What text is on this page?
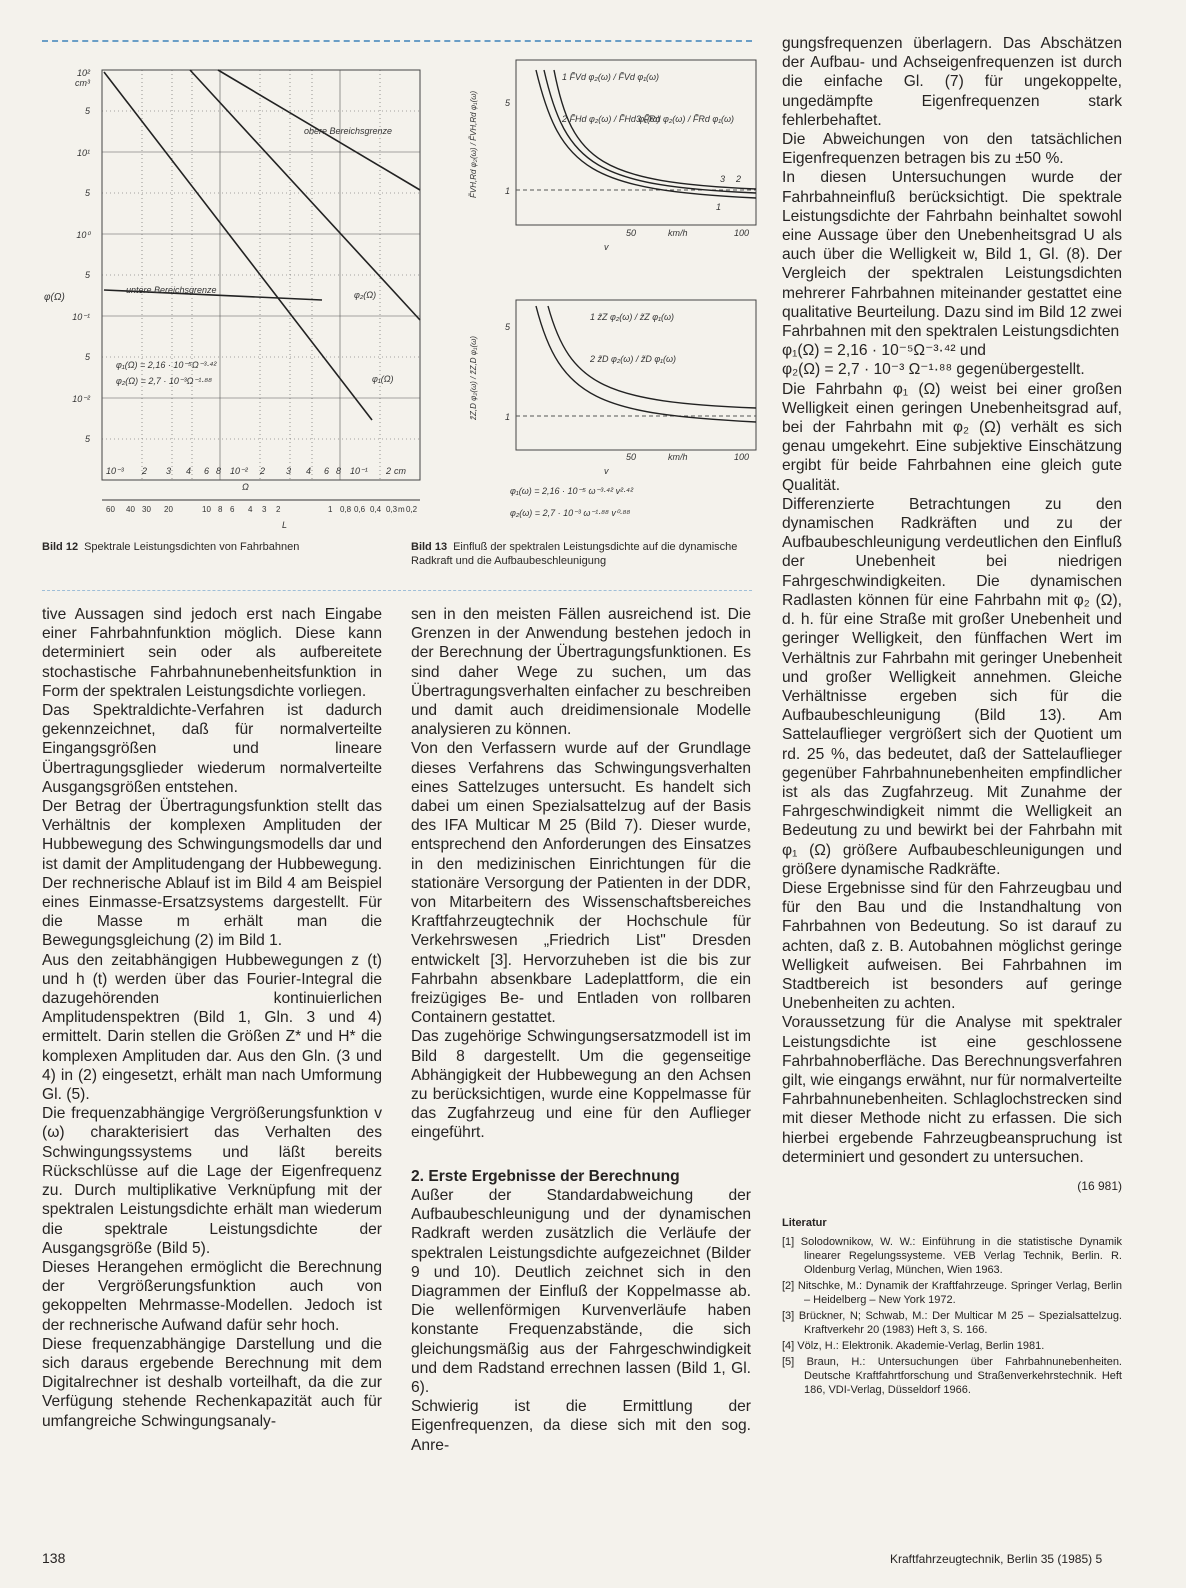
10²
cm³
5
10¹
5
10⁰
5
10⁻¹
5
10⁻²
5
φ(Ω)
obere Bereichsgrenze
untere Bereichsgrenze	φ₂(Ω)
φ₁(Ω)
φ₁(Ω) = 2,16 · 10⁻⁵Ω⁻³·⁴²
φ₂(Ω) = 2,7 · 10⁻³Ω⁻¹·⁸⁸
10⁻³ 2 3 4 6 8 10⁻² 2 3 4 6 8 10⁻¹ 2 cm
Ω
L
60 40 30 20	10 8 6 4 3 2	1 0,8 0,6 0,4 0,3 m 0,2
5
1
1 F̃Vd φ₂(ω) / F̃Vd φ₁(ω)
2 F̃Hd φ₂(ω) / F̃Hd φ₁(ω)
3 F̃Rd φ₂(ω) / F̃Rd φ₁(ω)
1
2
3
50	100
km/h
v
F̃VH,Rd φ₂(ω) / F̃VH,Rd φ₁(ω)
5
1
1 z̃Z φ₂(ω) / z̃Z φ₁(ω)
2 z̃D φ₂(ω) / z̃D φ₁(ω)
50	100
km/h
v
φ₁(ω) = 2,16 · 10⁻⁵ ω⁻³·⁴² v²·⁴²
φ₂(ω) = 2,7 · 10⁻³ ω⁻¹·⁸⁸ v⁰·⁸⁸
z̃Z,D φ₂(ω) / z̃Z,D φ₁(ω)
Bild 12 Spektrale Leistungsdichten von Fahrbahnen	Bild 13 Einfluß der spektralen Leistungsdichte auf die dynamische Radkraft und die Aufbaubeschleunigung

tive Aussagen sind jedoch erst nach Eingabe einer Fahrbahnfunktion möglich. Diese kann determiniert sein oder als aufbereitete stochastische Fahrbahnunebenheitsfunktion in Form der spektralen Leistungsdichte vorliegen.

Das Spektraldichte-Verfahren ist dadurch gekennzeichnet, daß für normalverteilte Eingangsgrößen und lineare Übertragungsglieder wiederum normalverteilte Ausgangsgrößen entstehen.

Der Betrag der Übertragungsfunktion stellt das Verhältnis der komplexen Amplituden der Hubbewegung des Schwingungsmodells dar und ist damit der Amplitudengang der Hubbewegung. Der rechnerische Ablauf ist im Bild 4 am Beispiel eines Einmasse-Ersatzsystems dargestellt. Für die Masse m erhält man die Bewegungsgleichung (2) im Bild 1.

Aus den zeitabhängigen Hubbewegungen z (t) und h (t) werden über das Fourier-Integral die dazugehörenden kontinuierlichen Amplitudenspektren (Bild 1, Gln. 3 und 4) ermittelt. Darin stellen die Größen Z* und H* die komplexen Amplituden dar. Aus den Gln. (3 und 4) in (2) eingesetzt, erhält man nach Umformung Gl. (5).

Die frequenzabhängige Vergrößerungsfunktion v (ω) charakterisiert das Verhalten des Schwingungssystems und läßt bereits Rückschlüsse auf die Lage der Eigenfrequenz zu. Durch multiplikative Verknüpfung mit der spektralen Leistungsdichte erhält man wiederum die spektrale Leistungsdichte der Ausgangsgröße (Bild 5).

Dieses Herangehen ermöglicht die Berechnung der Vergrößerungsfunktion auch von gekoppelten Mehrmasse-Modellen. Jedoch ist der rechnerische Aufwand dafür sehr hoch.

Diese frequenzabhängige Darstellung und die sich daraus ergebende Berechnung mit dem Digitalrechner ist deshalb vorteilhaft, da die zur Verfügung stehende Rechenkapazität auch für umfangreiche Schwingungsanaly-

sen in den meisten Fällen ausreichend ist. Die Grenzen in der Anwendung bestehen jedoch in der Berechnung der Übertragungsfunktionen. Es sind daher Wege zu suchen, um das Übertragungsverhalten einfacher zu beschreiben und damit auch dreidimensionale Modelle analysieren zu können.

Von den Verfassern wurde auf der Grundlage dieses Verfahrens das Schwingungsverhalten eines Sattelzuges untersucht. Es handelt sich dabei um einen Spezialsattelzug auf der Basis des IFA Multicar M 25 (Bild 7). Dieser wurde, entsprechend den Anforderungen des Einsatzes in den medizinischen Einrichtungen für die stationäre Versorgung der Patienten in der DDR, von Mitarbeitern des Wissenschaftsbereiches Kraftfahrzeugtechnik der Hochschule für Verkehrswesen „Friedrich List" Dresden entwickelt [3]. Hervorzuheben ist die bis zur Fahrbahn absenkbare Ladeplattform, die ein freizügiges Be- und Entladen von rollbaren Containern gestattet.

Das zugehörige Schwingungsersatzmodell ist im Bild 8 dargestellt. Um die gegenseitige Abhängigkeit der Hubbewegung an den Achsen zu berücksichtigen, wurde eine Koppelmasse für das Zugfahrzeug und eine für den Auflieger eingeführt.

2. Erste Ergebnisse der Berechnung

Außer der Standardabweichung der Aufbaubeschleunigung und der dynamischen Radkraft werden zusätzlich die Verläufe der spektralen Leistungsdichte aufgezeichnet (Bilder 9 und 10). Deutlich zeichnet sich in den Diagrammen der Einfluß der Koppelmasse ab. Die wellenförmigen Kurvenverläufe haben konstante Frequenzabstände, die sich gleichungsmäßig aus der Fahrgeschwindigkeit und dem Radstand errechnen lassen (Bild 1, Gl. 6).

Schwierig ist die Ermittlung der Eigenfrequenzen, da diese sich mit den sog. Anre-

gungsfrequenzen überlagern. Das Abschätzen der Aufbau- und Achseigenfrequenzen ist durch die einfache Gl. (7) für ungekoppelte, ungedämpfte Eigenfrequenzen stark fehlerbehaftet.

Die Abweichungen von den tatsächlichen Eigenfrequenzen betragen bis zu ±50 %.

In diesen Untersuchungen wurde der Fahrbahneinfluß berücksichtigt. Die spektrale Leistungsdichte der Fahrbahn beinhaltet sowohl eine Aussage über den Unebenheitsgrad U als auch über die Welligkeit w, Bild 1, Gl. (8). Der Vergleich der spektralen Leistungsdichten mehrerer Fahrbahnen miteinander gestattet eine qualitative Beurteilung. Dazu sind im Bild 12 zwei Fahrbahnen mit den spektralen Leistungsdichten

φ₁(Ω) = 2,16 · 10⁻⁵Ω⁻³·⁴² und

φ₂(Ω) = 2,7 · 10⁻³ Ω⁻¹·⁸⁸ gegenübergestellt.

Die Fahrbahn φ₁ (Ω) weist bei einer großen Welligkeit einen geringen Unebenheitsgrad auf, bei der Fahrbahn mit φ₂ (Ω) verhält es sich genau umgekehrt. Eine subjektive Einschätzung ergibt für beide Fahrbahnen eine gleich gute Qualität.

Differenzierte Betrachtungen zu den dynamischen Radkräften und zu der Aufbaubeschleunigung verdeutlichen den Einfluß der Unebenheit bei niedrigen Fahrgeschwindigkeiten. Die dynamischen Radlasten können für eine Fahrbahn mit φ₂ (Ω), d. h. für eine Straße mit großer Unebenheit und geringer Welligkeit, den fünffachen Wert im Verhältnis zur Fahrbahn mit geringer Unebenheit und großer Welligkeit annehmen. Gleiche Verhältnisse ergeben sich für die Aufbaubeschleunigung (Bild 13). Am Sattelauflieger vergrößert sich der Quotient um rd. 25 %, das bedeutet, daß der Sattelauflieger gegenüber Fahrbahnunebenheiten empfindlicher ist als das Zugfahrzeug. Mit Zunahme der Fahrgeschwindigkeit nimmt die Welligkeit an Bedeutung zu und bewirkt bei der Fahrbahn mit φ₁ (Ω) größere Aufbaubeschleunigungen und größere dynamische Radkräfte.

Diese Ergebnisse sind für den Fahrzeugbau und für den Bau und die Instandhaltung von Fahrbahnen von Bedeutung. So ist darauf zu achten, daß z. B. Autobahnen möglichst geringe Welligkeit aufweisen. Bei Fahrbahnen im Stadtbereich ist besonders auf geringe Unebenheiten zu achten.

Voraussetzung für die Analyse mit spektraler Leistungsdichte ist eine geschlossene Fahrbahnoberfläche. Das Berechnungsverfahren gilt, wie eingangs erwähnt, nur für normalverteilte Fahrbahnunebenheiten. Schlaglochstrecken sind mit dieser Methode nicht zu erfassen. Die sich hierbei ergebende Fahrzeugbeanspruchung ist determiniert und gesondert zu untersuchen.

(16 981)

Literatur

[1] Solodownikow, W. W.: Einführung in die statistische Dynamik linearer Regelungssysteme. VEB Verlag Technik, Berlin. R. Oldenburg Verlag, München, Wien 1963.
[2] Nitschke, M.: Dynamik der Kraftfahrzeuge. Springer Verlag, Berlin – Heidelberg – New York 1972.
[3] Brückner, N; Schwab, M.: Der Multicar M 25 – Spezialsattelzug. Kraftverkehr 20 (1983) Heft 3, S. 166.
[4] Völz, H.: Elektronik. Akademie-Verlag, Berlin 1981.
[5] Braun, H.: Untersuchungen über Fahrbahnunebenheiten. Deutsche Kraftfahrtforschung und Straßenverkehrstechnik. Heft 186, VDI-Verlag, Düsseldorf 1966.
138	Kraftfahrzeugtechnik, Berlin 35 (1985) 5
